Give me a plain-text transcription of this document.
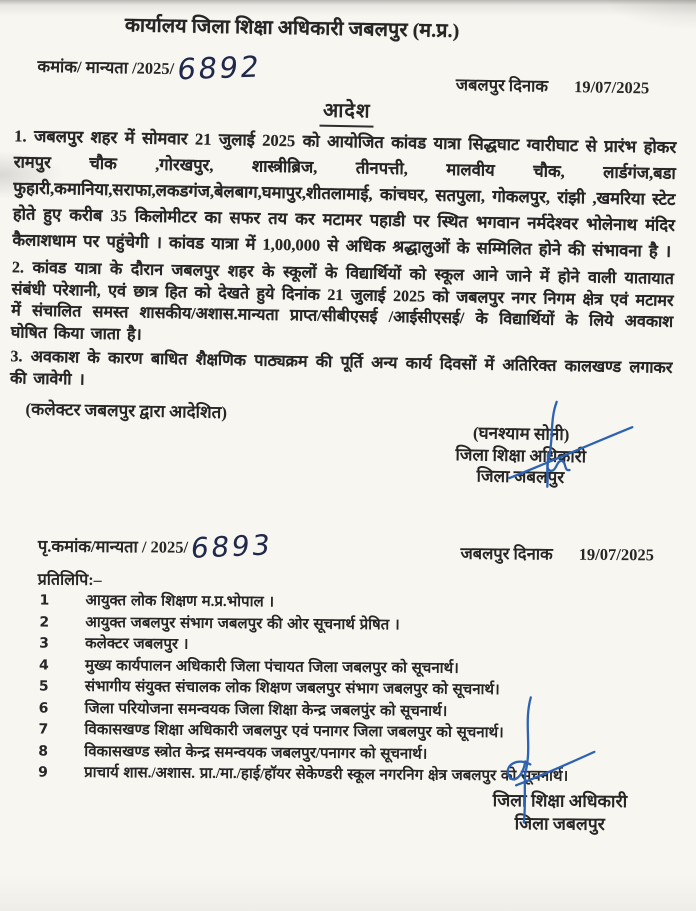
कार्यालय जिला शिक्षा अधिकारी जबलपुर (म.प्र.)
कमांक/ मान्यता /2025/6892	जबलपुर दिनाक 19/07/2025
आदेश

1. जबलपुर शहर में सोमवार 21 जुलाई 2025 को आयोजित कांवड यात्रा सिद्धघाट ग्वारीघाट से प्रारंभ होकर रामपुर चौक ,गोरखपुर, शास्त्रीब्रिज, तीनपत्ती, मालवीय चौक, लार्डगंज,बडा फुहारी,कमानिया,सराफा,लकडगंज,बेलबाग,घमापुर,शीतलामाई, कांचघर, सतपुला, गोकलपुर, रांझी ,खमरिया स्टेट होते हुए करीब 35 किलोमीटर का सफर तय कर मटामर पहाडी पर स्थित भगवान नर्मदेश्वर भोलेनाथ मंदिर कैलाशधाम पर पहुंचेगी । कांवड यात्रा में 1,00,000 से अधिक श्रद्धालुओं के सम्मिलित होने की संभावना है ।

2. कांवड यात्रा के दौरान जबलपुर शहर के स्कूलों के विद्यार्थियों को स्कूल आने जाने में होने वाली यातायात संबंधी परेशानी, एवं छात्र हित को देखते हुये दिनांक 21 जुलाई 2025 को जबलपुर नगर निगम क्षेत्र एवं मटामर में संचालित समस्त शासकीय/अशास.मान्यता प्राप्त/सीबीएसई /आईसीएसई/ के विद्यार्थियों के लिये अवकाश घोषित किया जाता है।

3. अवकाश के कारण बाधित शैक्षणिक पाठ्यक्रम की पूर्ति अन्य कार्य दिवसों में अतिरिक्त कालखण्ड लगाकर की जावेगी ।

(कलेक्टर जबलपुर द्वारा आदेशित)
(घनश्याम सोनी)
जिला शिक्षा अधिकारी
जिला जबलपुर
पृ.कमांक/मान्यता / 2025/6893	जबलपुर दिनाक 19/07/2025
प्रतिलिपि:–
1	आयुक्त लोक शिक्षण म.प्र.भोपाल ।
2	आयुक्त जबलपुर संभाग जबलपुर की ओर सूचनार्थ प्रेषित ।
3	कलेक्टर जबलपुर ।
4	मुख्य कार्यपालन अधिकारी जिला पंचायत जिला जबलपुर को सूचनार्थ।
5	संभागीय संयुक्त संचालक लोक शिक्षण जबलपुर संभाग जबलपुर को सूचनार्थ।
6	जिला परियोजना समन्वयक जिला शिक्षा केन्द्र जबलपुंर को सूचनार्थ।
7	विकासखण्ड शिक्षा अधिकारी जबलपुर एवं पनागर जिला जबलपुर को सूचनार्थ।
8	विकासखण्ड स्त्रोत केन्द्र समन्वयक जबलपुर/पनागर को सूचनार्थ।
9	प्राचार्य शास./अशास. प्रा./मा./हाई/हॉयर सेकेण्डरी स्कूल नगरनिग क्षेत्र जबलपुर को सूचनार्थ।
जिला शिक्षा अधिकारी
जिला जबलपुर
